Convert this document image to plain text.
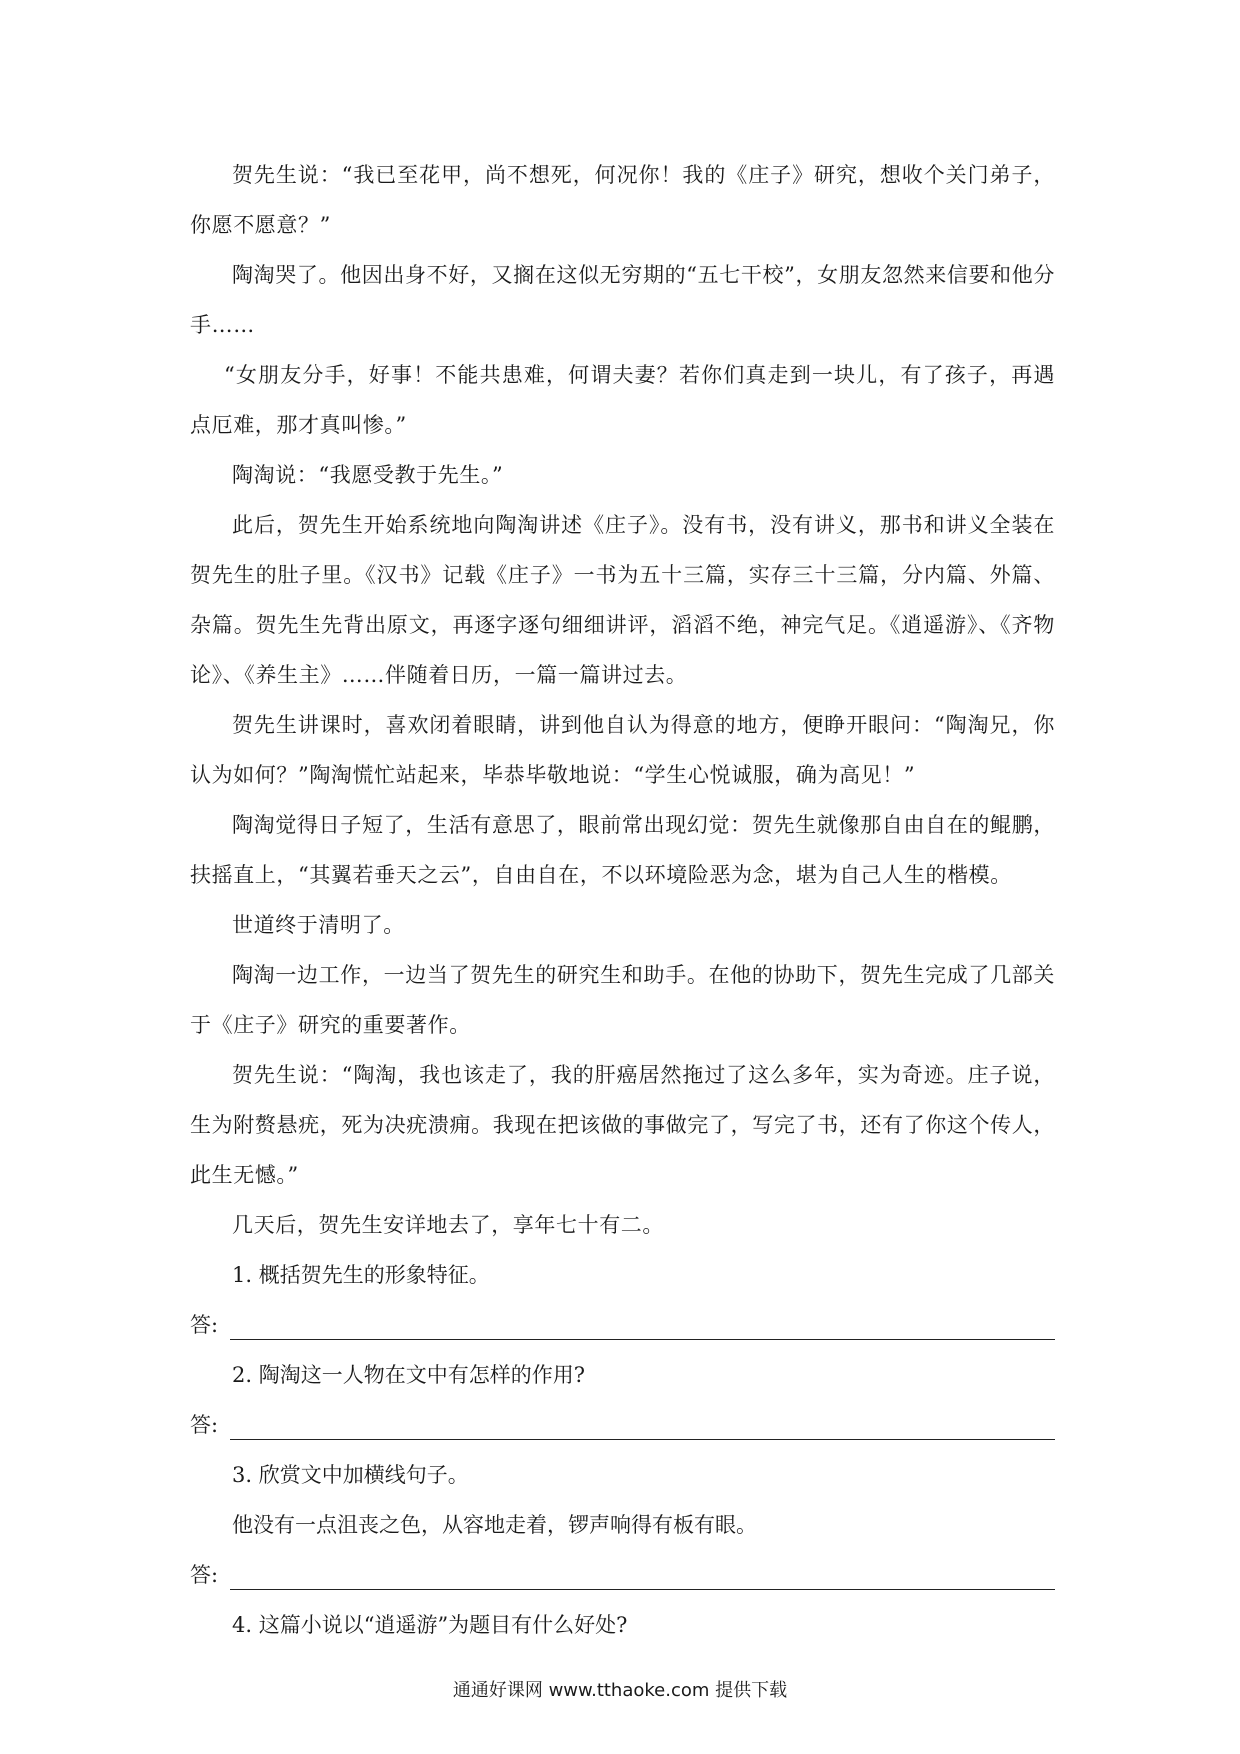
贺先生说：“我已至花甲，尚不想死，何况你！我的《庄子》研究，想收个关门弟子，你愿不愿意？”

陶淘哭了。他因出身不好，又搁在这似无穷期的“五七干校”，女朋友忽然来信要和他分手……

“女朋友分手，好事！不能共患难，何谓夫妻？若你们真走到一块儿，有了孩子，再遇点厄难，那才真叫惨。”

陶淘说：“我愿受教于先生。”

此后，贺先生开始系统地向陶淘讲述《庄子》。没有书，没有讲义，那书和讲义全装在贺先生的肚子里。《汉书》记载《庄子》一书为五十三篇，实存三十三篇，分内篇、外篇、杂篇。贺先生先背出原文，再逐字逐句细细讲评，滔滔不绝，神完气足。《逍遥游》、《齐物论》、《养生主》……伴随着日历，一篇一篇讲过去。

贺先生讲课时，喜欢闭着眼睛，讲到他自认为得意的地方，便睁开眼问：“陶淘兄，你认为如何？”陶淘慌忙站起来，毕恭毕敬地说：“学生心悦诚服，确为高见！”

陶淘觉得日子短了，生活有意思了，眼前常出现幻觉：贺先生就像那自由自在的鲲鹏，扶摇直上，“其翼若垂天之云”，自由自在，不以环境险恶为念，堪为自己人生的楷模。

世道终于清明了。

陶淘一边工作，一边当了贺先生的研究生和助手。在他的协助下，贺先生完成了几部关于《庄子》研究的重要著作。

贺先生说：“陶淘，我也该走了，我的肝癌居然拖过了这么多年，实为奇迹。庄子说，生为附赘悬疣，死为决疣溃痈。我现在把该做的事做完了，写完了书，还有了你这个传人，此生无憾。”

几天后，贺先生安详地去了，享年七十有二。

1. 概括贺先生的形象特征。

答:

2. 陶淘这一人物在文中有怎样的作用?

答:

3. 欣赏文中加横线句子。

他没有一点沮丧之色，从容地走着，锣声响得有板有眼。

答:

4. 这篇小说以“逍遥游”为题目有什么好处?

通通好课网 www.tthaoke.com 提供下载
